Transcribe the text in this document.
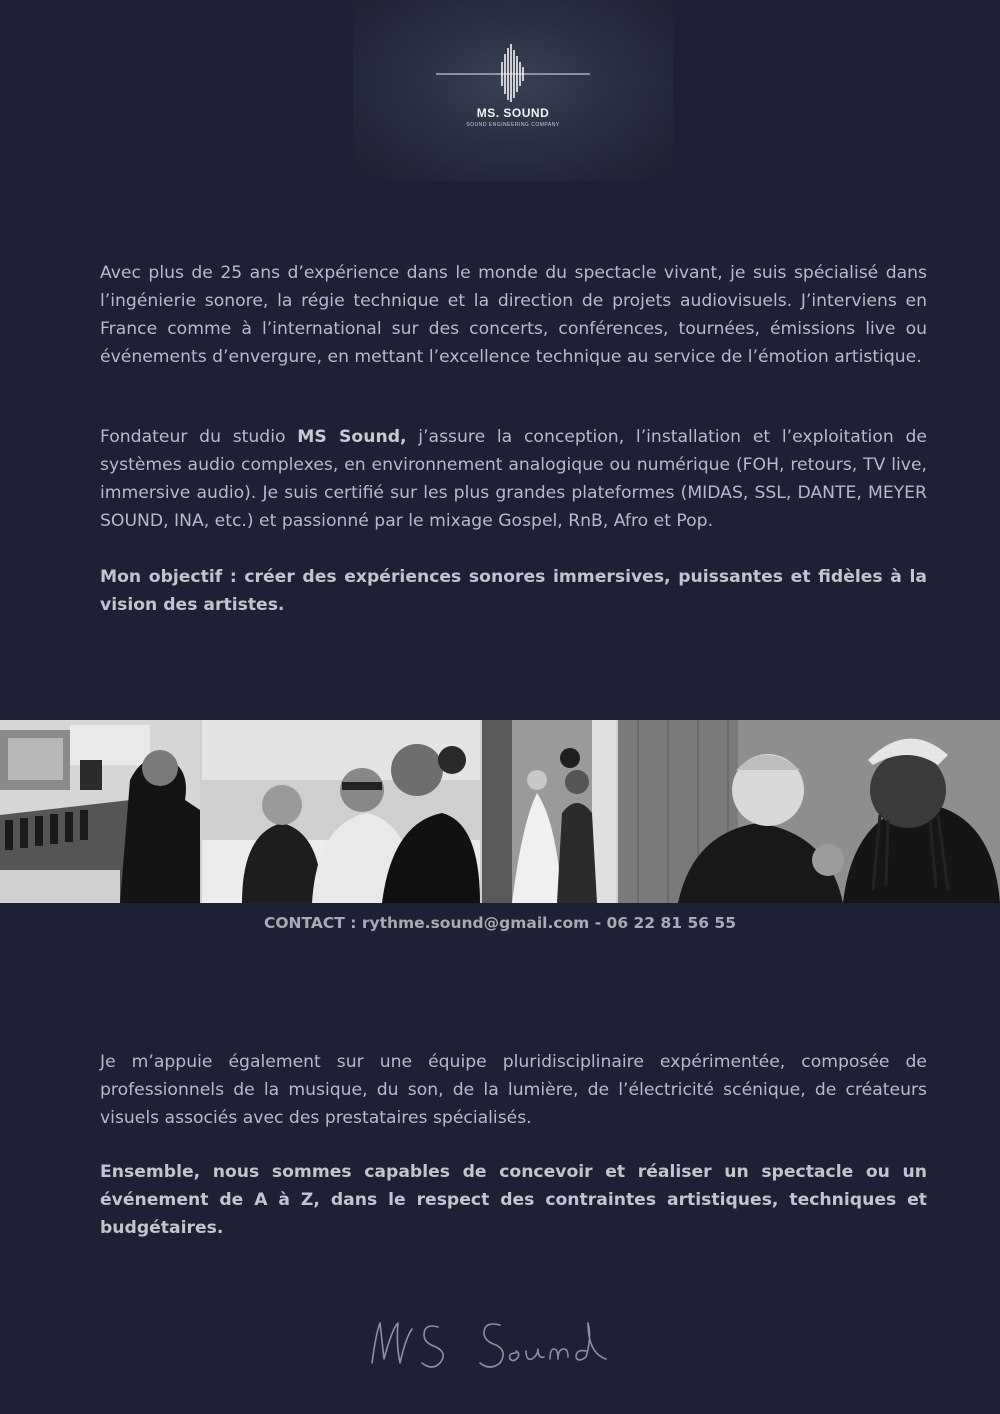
MS. SOUND
SOUND ENGINEERING COMPANY

Avec plus de 25 ans d’expérience dans le monde du spectacle vivant, je suis spécialisé dans l’ingénierie sonore, la régie technique et la direction de projets audiovisuels. J’interviens en France comme à l’international sur des concerts, conférences, tournées, émissions live ou événements d’envergure, en mettant l’excellence technique au service de l’émotion artistique.

Fondateur du studio MS Sound, j’assure la conception, l’installation et l’exploitation de systèmes audio complexes, en environnement analogique ou numérique (FOH, retours, TV live, immersive audio). Je suis certifié sur les plus grandes plateformes (MIDAS, SSL, DANTE, MEYER SOUND, INA, etc.) et passionné par le mixage Gospel, RnB, Afro et Pop.

Mon objectif : créer des expériences sonores immersives, puissantes et fidèles à la vision des artistes.

CONTACT : rythme.sound@gmail.com - 06 22 81 56 55

Je m’appuie également sur une équipe pluridisciplinaire expérimentée, composée de professionnels de la musique, du son, de la lumière, de l’électricité scénique, de créateurs visuels associés avec des prestataires spécialisés.

Ensemble, nous sommes capables de concevoir et réaliser un spectacle ou un événement de A à Z, dans le respect des contraintes artistiques, techniques et budgétaires.
